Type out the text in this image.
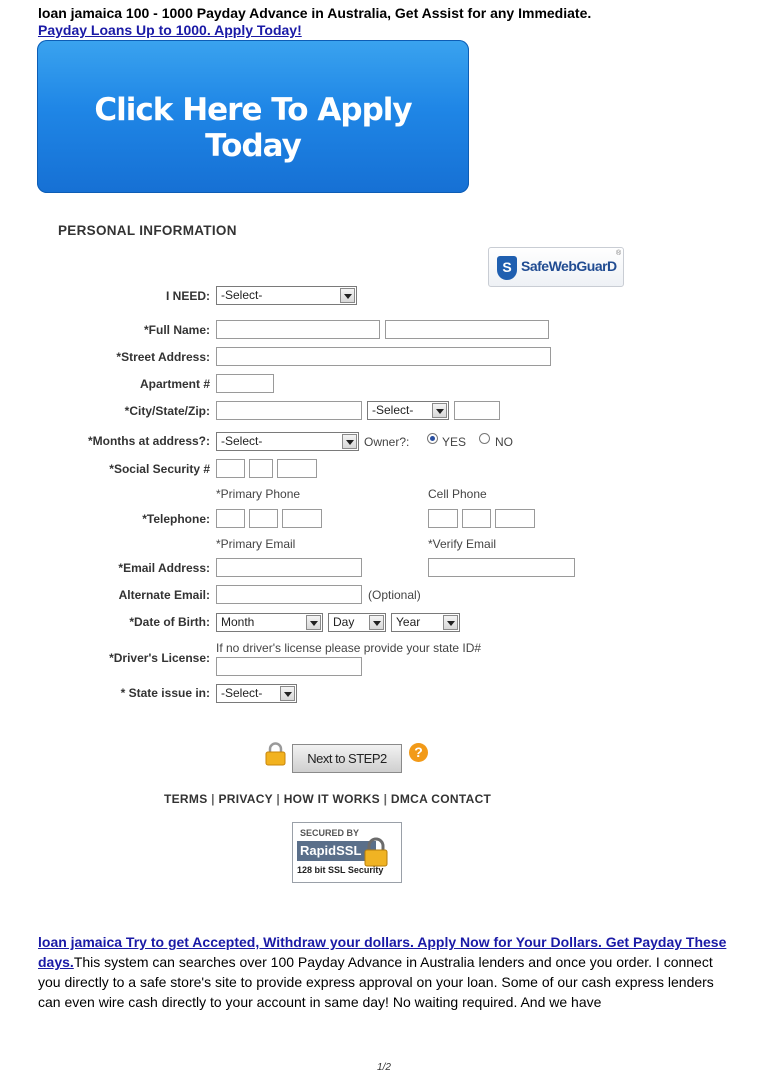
loan jamaica 100 - 1000 Payday Advance in Australia, Get Assist for any Immediate.
Payday Loans Up to 1000. Apply Today!
Click Here To Apply Today
PERSONAL INFORMATION
S SafeWebGuarD
®
I NEED: -Select-
*Full Name:
*Street Address:
Apartment #
*City/State/Zip:	-Select-
*Months at address?: -Select-	Owner?:	YES NO
*Social Security #
*Primary Phone	Cell Phone
*Telephone:
*Primary Email	*Verify Email
*Email Address:
Alternate Email:	(Optional)
*Date of Birth: Month	Day	Year
If no driver's license please provide your state ID#
*Driver's License:
* State issue in: -Select-
Next to STEP2	?
TERMS | PRIVACY | HOW IT WORKS | DMCA CONTACT
SECURED BY
RapidSSL
128 bit SSL Security
loan jamaica Try to get Accepted, Withdraw your dollars. Apply Now for Your Dollars. Get Payday These days.This system can searches over 100 Payday Advance in Australia lenders and once you order. I connect you directly to a safe store's site to provide express approval on your loan. Some of our cash express lenders can even wire cash directly to your account in same day! No waiting required. And we have
1/2
